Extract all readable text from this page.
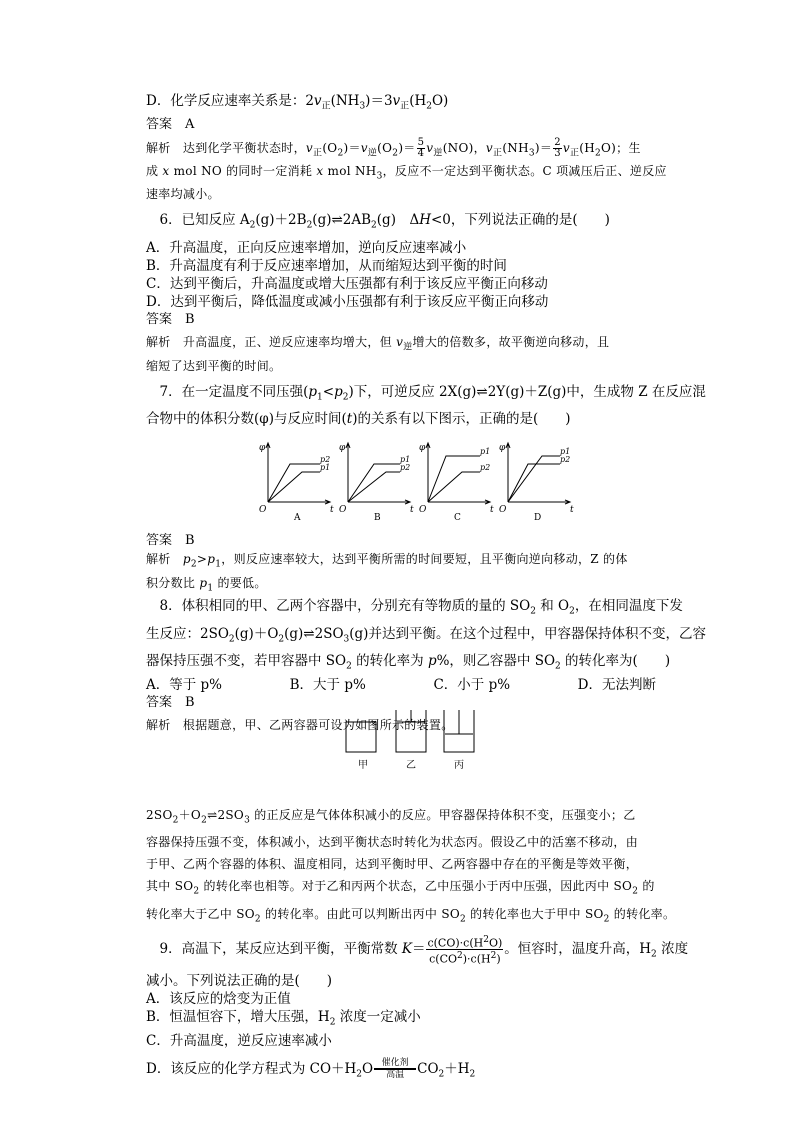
D．化学反应速率关系是：$2v_正(NH_3)=3v_正(H_2O)$
答案　A
解析　达到化学平衡状态时，$v_正(O_2)=v_逆(O_2)= \frac{5}{4} v_逆(NO)$，$v_正(NH_3)= \frac{2}{3} v_正(H_2O)$；生
成 x mol NO 的同时一定消耗 x mol $NH_3$，反应不一定达到平衡状态。C 项减压后正、逆反应
速率均减小。
　6．已知反应 $A_2(g)+2B_2(g)\rightleftharpoons 2AB_2(g)$　ΔH<0，下列说法正确的是(　　)
A．升高温度，正向反应速率增加，逆向反应速率减小
B．升高温度有利于反应速率增加，从而缩短达到平衡的时间
C．达到平衡后，升高温度或增大压强都有利于该反应平衡正向移动
D．达到平衡后，降低温度或减小压强都有利于该反应平衡正向移动
答案　B
解析　升高温度，正、逆反应速率均增大，但 $v_逆$增大的倍数多，故平衡逆向移动，且
缩短了达到平衡的时间。
　7．在一定温度不同压强$(p_1<p_2)$下，可逆反应 2X(g)⇌2Y(g)＋Z(g)中，生成物 Z 在反应混
合物中的体积分数(φ)与反应时间(t)的关系有以下图示，正确的是(　　)
答案　B
解析　$p_2>p_1$，则反应速率较大，达到平衡所需的时间要短，且平衡向逆向移动，Z 的体
积分数比 $p_1$ 的要低。
　8．体积相同的甲、乙两个容器中，分别充有等物质的量的 $SO_2$ 和 $O_2$，在相同温度下发
生反应：$2SO_2(g)+O_2(g)\rightleftharpoons 2SO_3(g)$并达到平衡。在这个过程中，甲容器保持体积不变，乙容
器保持压强不变，若甲容器中 $SO_2$ 的转化率为 p%，则乙容器中 $SO_2$ 的转化率为(　　)
A．等于 p%	B．大于 p%	C．小于 p%	D．无法判断
答案　B
解析　根据题意，甲、乙两容器可设为如图所示的装置。
$2SO_2+O_2\rightleftharpoons 2SO_3$ 的正反应是气体体积减小的反应。甲容器保持体积不变，压强变小；乙
容器保持压强不变，体积减小，达到平衡状态时转化为状态丙。假设乙中的活塞不移动，由
于甲、乙两个容器的体积、温度相同，达到平衡时甲、乙两容器中存在的平衡是等效平衡，
其中 $SO_2$ 的转化率也相等。对于乙和丙两个状态，乙中压强小于丙中压强，因此丙中 $SO_2$ 的
转化率大于乙中 $SO_2$ 的转化率。由此可以判断出丙中 $SO_2$ 的转化率也大于甲中 $SO_2$ 的转化率。
　9．高温下，某反应达到平衡，平衡常数 $K= \frac{c(CO)\cdot c(H^2O)}{c(CO^2)\cdot c(H^2)}$ 。恒容时，温度升高，$H_2$ 浓度
减小。下列说法正确的是(　　)
A．该反应的焓变为正值
B．恒温恒容下，增大压强，$H_2$ 浓度一定减小
C．升高温度，逆反应速率减小
D．该反应的化学方程式为 $CO+H_2O \frac{\text{催化剂}}{\text{高温}} CO_2+H_2$
φ
t
O
p2
p1
A
φ
t
O
p1
p2
B
φ
t
O
p1
p2
C
φ
t
O
p2
p1
D
甲	乙	丙
